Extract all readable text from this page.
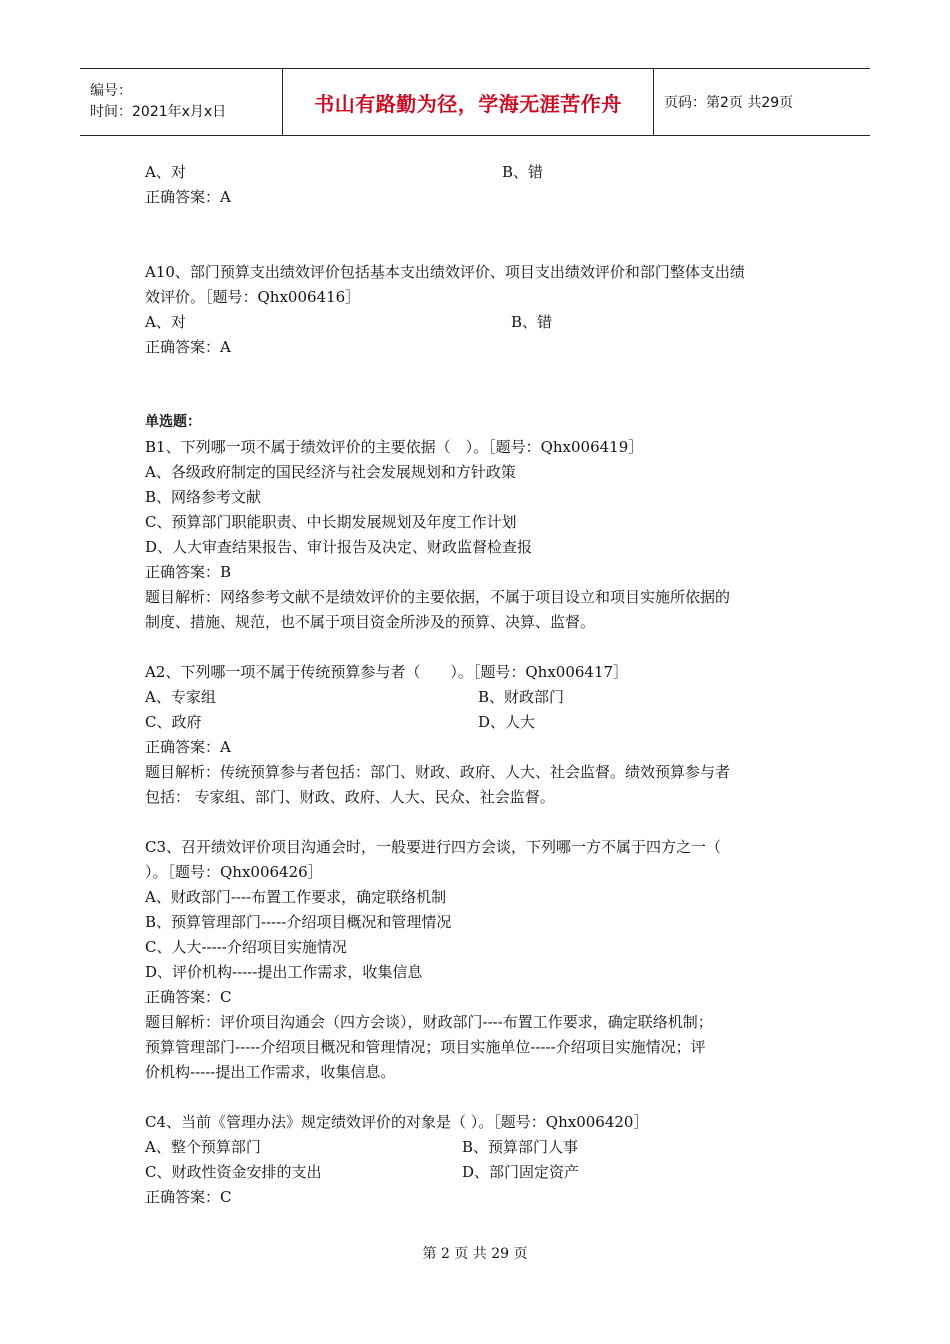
编号：
时间：2021年x月x日	书山有路勤为径，学海无涯苦作舟	页码：第2页 共29页
A、对	B、错
正确答案：A
A10、部门预算支出绩效评价包括基本支出绩效评价、项目支出绩效评价和部门整体支出绩
效评价。［题号：Qhx006416］
A、对	B、错
正确答案：A
单选题：
B1、下列哪一项不属于绩效评价的主要依据（　）。［题号：Qhx006419］
A、各级政府制定的国民经济与社会发展规划和方针政策
B、网络参考文献
C、预算部门职能职责、中长期发展规划及年度工作计划
D、人大审查结果报告、审计报告及决定、财政监督检查报
正确答案：B
题目解析：网络参考文献不是绩效评价的主要依据，不属于项目设立和项目实施所依据的
制度、措施、规范，也不属于项目资金所涉及的预算、决算、监督。
A2、下列哪一项不属于传统预算参与者（　　）。［题号：Qhx006417］
A、专家组	B、财政部门
C、政府	D、人大
正确答案：A
题目解析：传统预算参与者包括：部门、财政、政府、人大、社会监督。绩效预算参与者
包括： 专家组、部门、财政、政府、人大、民众、社会监督。
C3、召开绩效评价项目沟通会时，一般要进行四方会谈，下列哪一方不属于四方之一（
）。［题号：Qhx006426］
A、财政部门----布置工作要求，确定联络机制
B、预算管理部门-----介绍项目概况和管理情况
C、人大-----介绍项目实施情况
D、评价机构-----提出工作需求，收集信息
正确答案：C
题目解析：评价项目沟通会（四方会谈），财政部门----布置工作要求，确定联络机制；
预算管理部门-----介绍项目概况和管理情况；项目实施单位-----介绍项目实施情况；评
价机构-----提出工作需求，收集信息。
C4、当前《管理办法》规定绩效评价的对象是（ ）。［题号：Qhx006420］
A、整个预算部门	B、预算部门人事
C、财政性资金安排的支出	D、部门固定资产
正确答案：C
第 2 页 共 29 页
